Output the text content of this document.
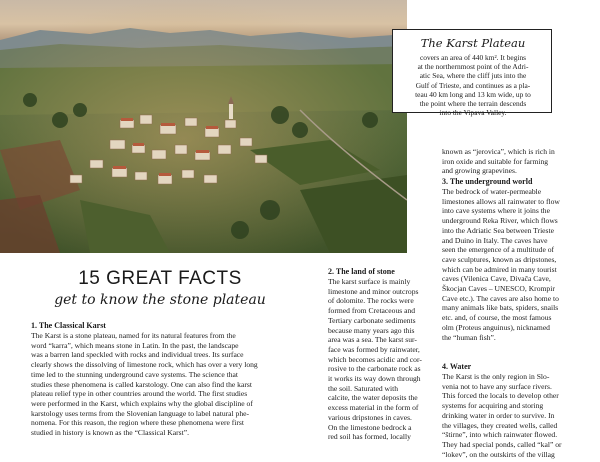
The Karst Plateau

covers an area of 440 km². It begins

at the northernmost point of the Adri-

atic Sea, where the cliff juts into the

Gulf of Trieste, and continues as a pla-

teau 40 km long and 13 km wide, up to

the point where the terrain descends

into the Vipava Valley.

15 GREAT FACTS

get to know the stone plateau

1. The Classical Karst

The Karst is a stone plateau, named for its natural features from the

word “karra”, which means stone in Latin. In the past, the landscape

was a barren land speckled with rocks and individual trees. Its surface

clearly shows the dissolving of limestone rock, which has over a very long

time led to the stunning underground cave systems. The science that

studies these phenomena is called karstology. One can also find the karst

plateau relief type in other countries around the world. The first studies

were performed in the Karst, which explains why the global discipline of

karstology uses terms from the Slovenian language to label natural phe-

nomena. For this reason, the region where these phenomena were first

studied in history is known as the “Classical Karst”.

2. The land of stone

The karst surface is mainly

limestone and minor outcrops

of dolomite. The rocks were

formed from Cretaceous and

Tertiary carbonate sediments

because many years ago this

area was a sea. The karst sur-

face was formed by rainwater,

which becomes acidic and cor-

rosive to the carbonate rock as

it works its way down through

the soil. Saturated with

calcite, the water deposits the

excess material in the form of

various dripstones in caves.

On the limestone bedrock a

red soil has formed, locally

known as “jerovica”, which is rich in

iron oxide and suitable for farming

and growing grapevines.

3. The underground world

The bedrock of water-permeable

limestones allows all rainwater to flow

into cave systems where it joins the

underground Reka River, which flows

into the Adriatic Sea between Trieste

and Duino in Italy. The caves have

seen the emergence of a multitude of

cave sculptures, known as dripstones,

which can be admired in many tourist

caves (Vilenica Cave, Divača Cave,

Škocjan Caves – UNESCO, Krompir

Cave etc.). The caves are also home to

many animals like bats, spiders, snails

etc. and, of course, the most famous

olm (Proteus anguinus), nicknamed

the “human fish”.

4. Water

The Karst is the only region in Slo-

venia not to have any surface rivers.

This forced the locals to develop other

systems for acquiring and storing

drinking water in order to survive. In

the villages, they created wells, called

“štirne”, into which rainwater flowed.

They had special ponds, called “kal” or

“lokev”, on the outskirts of the villag
